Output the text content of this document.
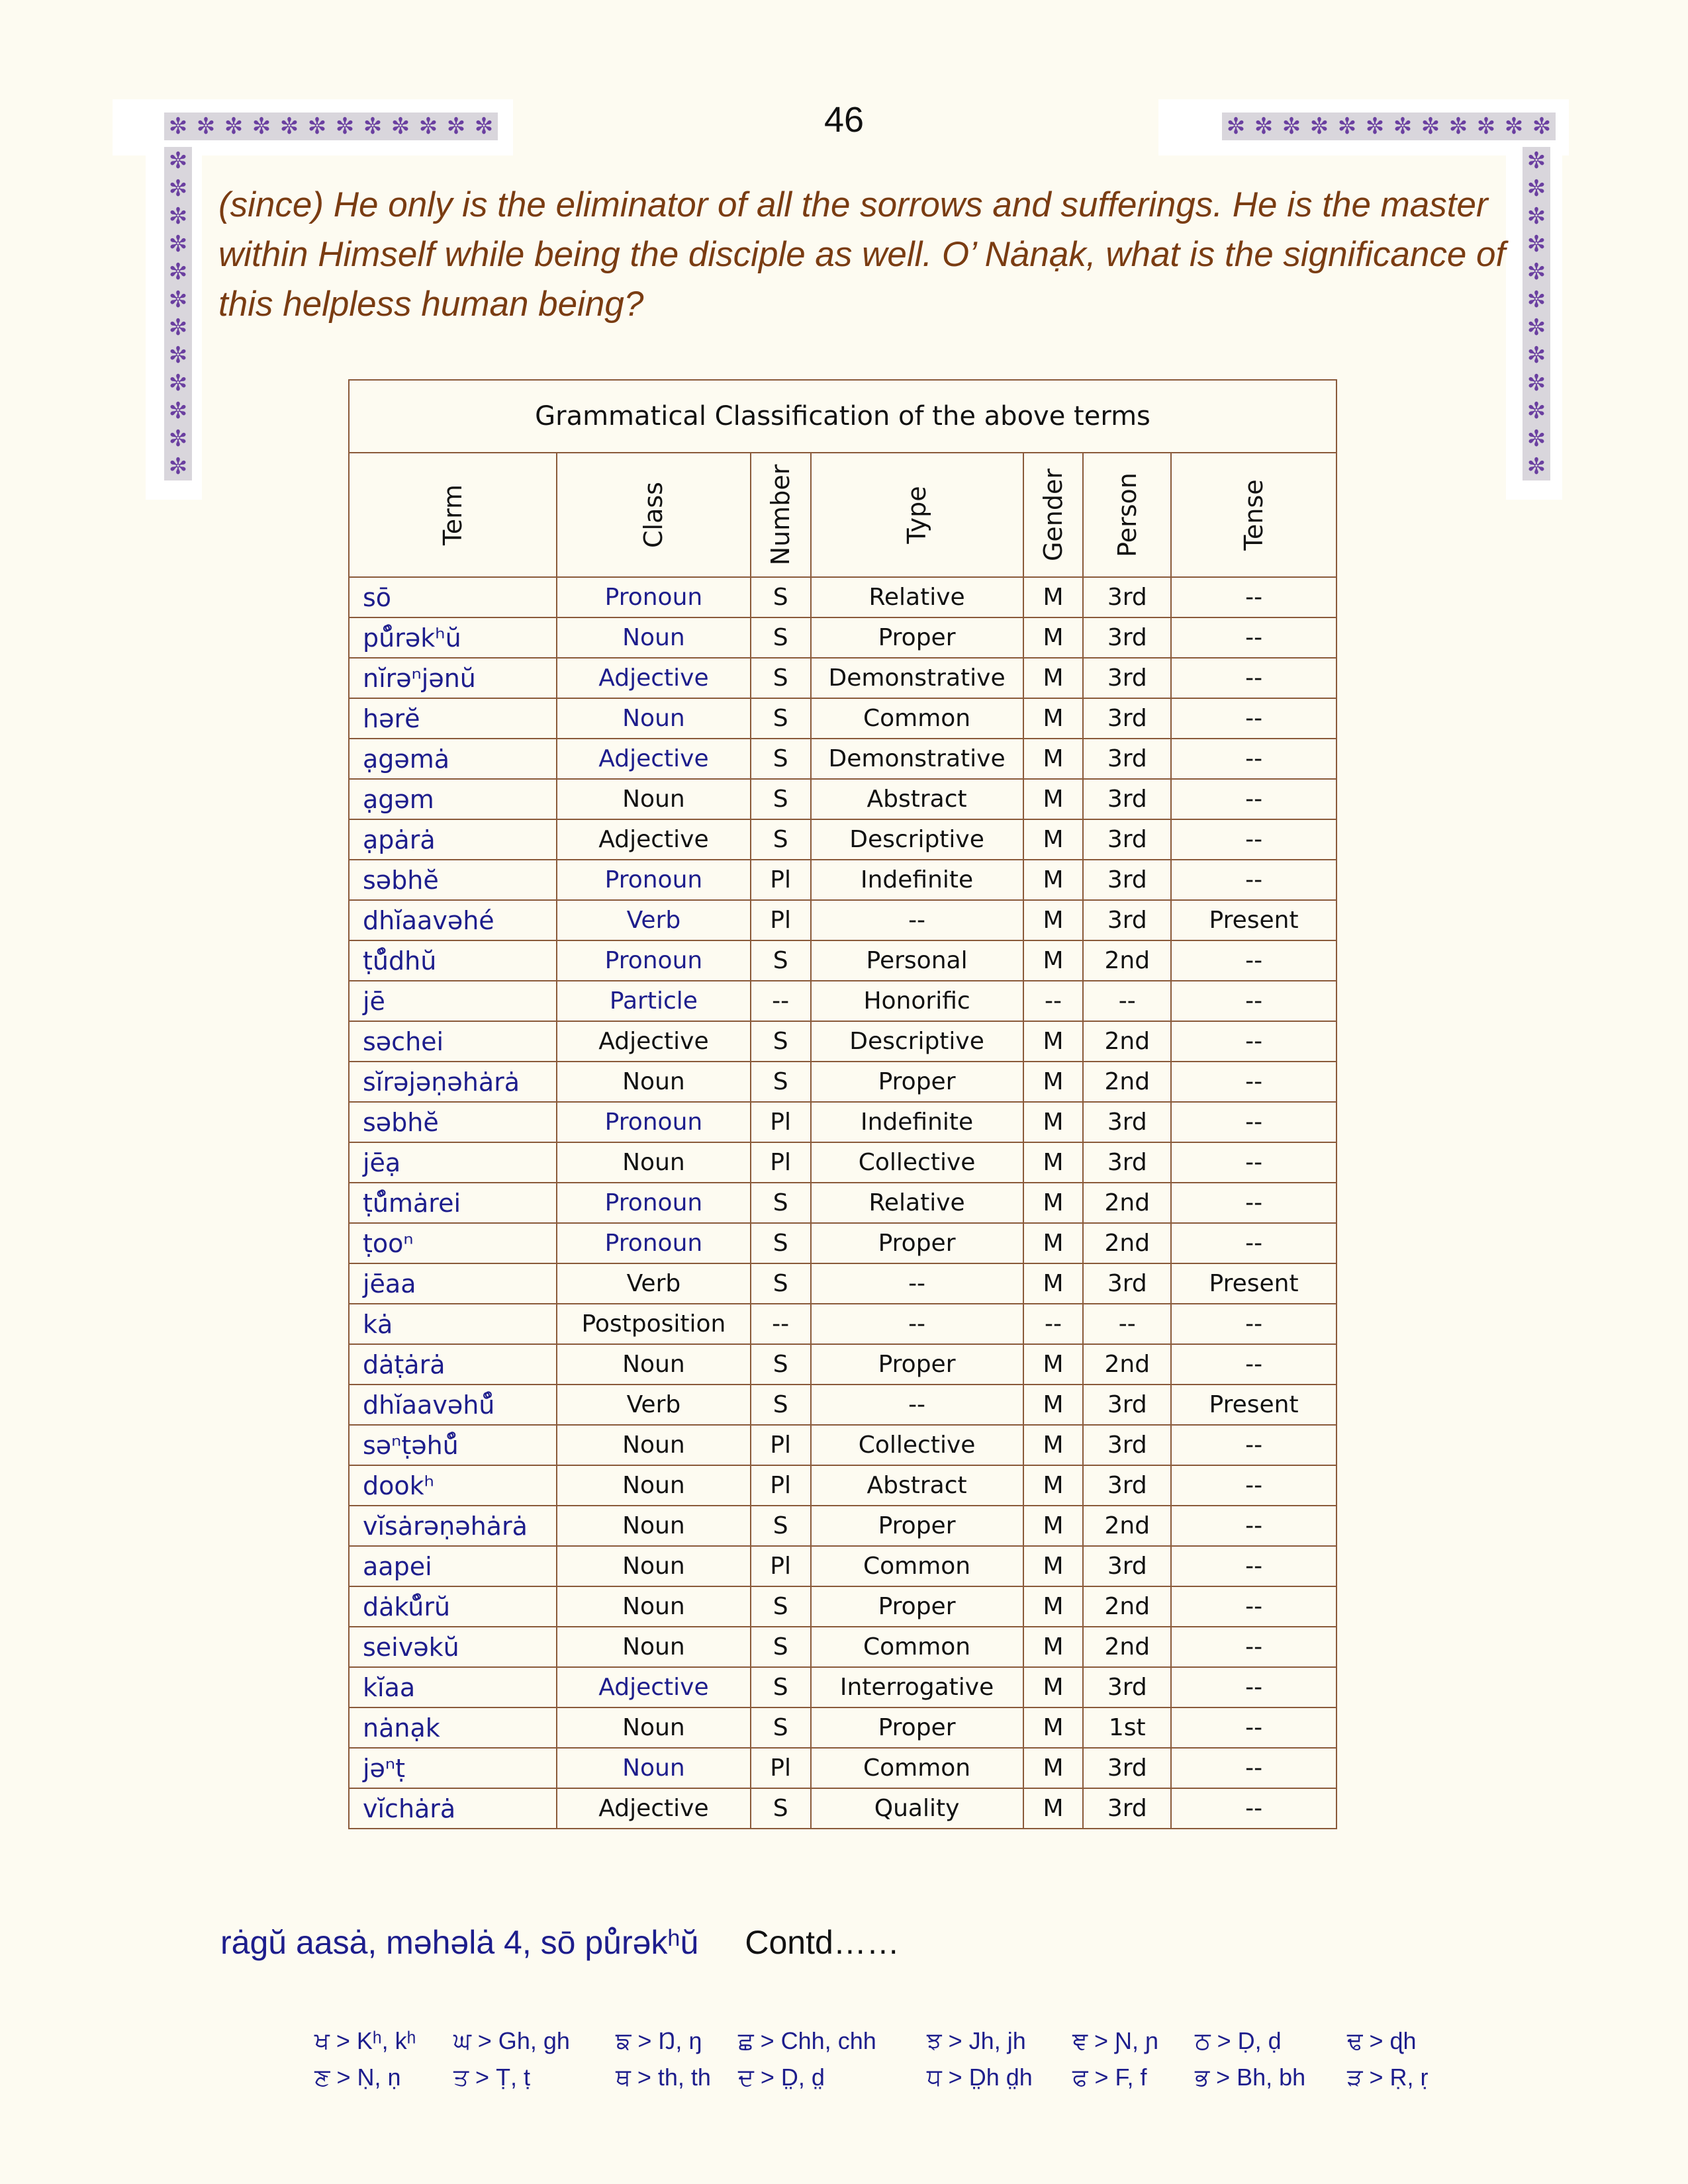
✼ ✼ ✼ ✼ ✼ ✼ ✼ ✼ ✼ ✼ ✼ ✼	✼ ✼ ✼ ✼ ✼ ✼ ✼ ✼ ✼ ✼ ✼ ✼
✼
✼
✼
✼
✼
✼
✼
✼
✼
✼
✼
✼
✼
✼
✼
✼
✼
✼
✼
✼
✼
✼
✼
✼
46
(since) He only is the eliminator of all the sorrows and sufferings. He is the master within Himself while being the disciple as well. O’ Nȧnạk, what is the significance of this helpless human being?
Grammatical Classification of the above terms						

Term	Class	Number	Type	Gender	Person	Tense

sō	Pronoun	S	Relative	M	3rd	--
pů̊rəkʰŭ	Noun	S	Proper	M	3rd	--
nĭrəⁿjənŭ	Adjective	S	Demonstrative	M	3rd	--
hərĕ	Noun	S	Common	M	3rd	--
ạgəmȧ	Adjective	S	Demonstrative	M	3rd	--
ạgəm	Noun	S	Abstract	M	3rd	--
ạpȧrȧ	Adjective	S	Descriptive	M	3rd	--
səbhĕ	Pronoun	Pl	Indefinite	M	3rd	--
dhĭaavəhé	Verb	Pl	--	M	3rd	Present
ṭů̊dhŭ	Pronoun	S	Personal	M	2nd	--
jē	Particle	--	Honorific	--	--	--
səchei	Adjective	S	Descriptive	M	2nd	--
sĭrəjəṇəhȧrȧ	Noun	S	Proper	M	2nd	--
səbhĕ	Pronoun	Pl	Indefinite	M	3rd	--
jēạ	Noun	Pl	Collective	M	3rd	--
ṭů̊mȧrei	Pronoun	S	Relative	M	2nd	--
ṭooⁿ	Pronoun	S	Proper	M	2nd	--
jēaa	Verb	S	--	M	3rd	Present
kȧ	Postposition	--	--	--	--	--
dȧṭȧrȧ	Noun	S	Proper	M	2nd	--
dhĭaavəhů̊	Verb	S	--	M	3rd	Present
səⁿṭəhů̊	Noun	Pl	Collective	M	3rd	--
dookʰ	Noun	Pl	Abstract	M	3rd	--
vĭsȧrəṇəhȧrȧ	Noun	S	Proper	M	2nd	--
aapei	Noun	Pl	Common	M	3rd	--
dȧků̊rŭ	Noun	S	Proper	M	2nd	--
seivəkŭ	Noun	S	Common	M	2nd	--
kĭaa	Adjective	S	Interrogative	M	3rd	--
nȧnạk	Noun	S	Proper	M	1st	--
jəⁿṭ	Noun	Pl	Common	M	3rd	--
vĭchȧrȧ	Adjective	S	Quality	M	3rd	--
rȧgŭ aasȧ, məhəlȧ 4, sō pů̊rəkʰŭ Contd……
ਖ > Kʰ, kʰ ਘ > Gh, gh ਙ > Ŋ, ŋ ਛ > Chh, chh ਝ > Jh, jh ਞ > Ɲ, ɲ ਠ > Ḍ, ḍ	ਢ > ɖh
ਣ > Ṇ, ṇ ਤ > Ṭ, ṭ	ਥ > th, th ਦ > D̤, d̤	ਧ > D̤h d̤h ਫ > F, f ਭ > Bh, bh ੜ > Ṛ, ṛ
